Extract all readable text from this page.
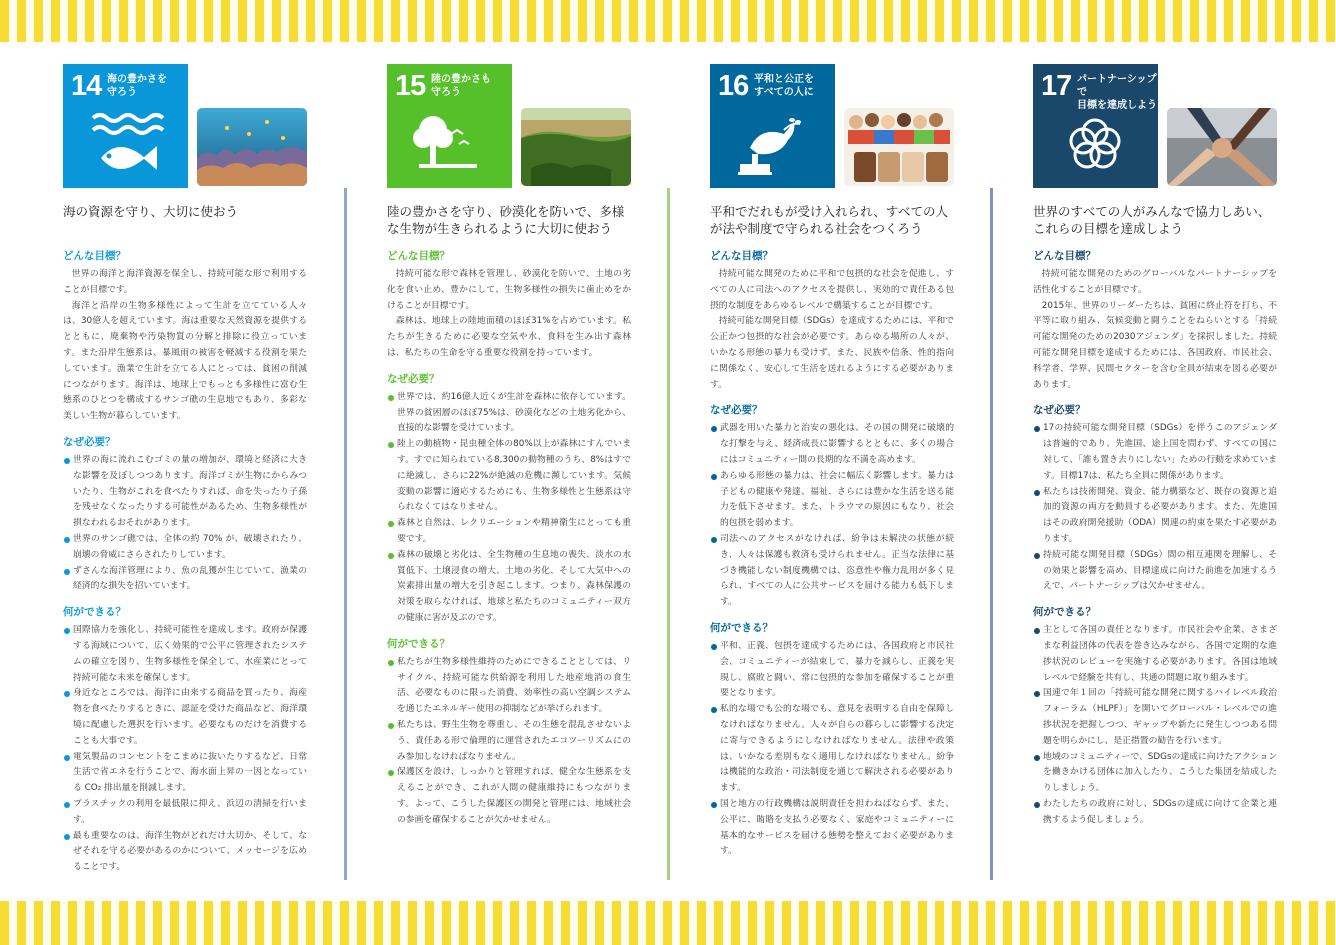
14 海の豊かさを
守ろう
海の資源を守り、大切に使おう
どんな目標？

世界の海洋と海洋資源を保全し、持続可能な形で利用することが目標です。

海洋と沿岸の生物多様性によって生計を立てている人々は、30億人を超えています。海は重要な天然資源を提供するとともに、廃棄物や汚染物質の分解と排除に役立っています。また沿岸生態系は、暴風雨の被害を軽減する役割を果たしています。漁業で生計を立てる人にとっては、貧困の削減につながります。海洋は、地球上でもっとも多様性に富む生態系のひとつを構成するサンゴ礁の生息地でもあり、多彩な美しい生物が暮らしています。

なぜ必要？
世界の海に流れこむゴミの量の増加が、環境と経済に大きな影響を及ぼしつつあります。海洋ゴミが生物にからみついたり、生物がこれを食べたりすれば、命を失ったり子孫を残せなくなったりする可能性があるため、生物多様性が損なわれるおそれがあります。
世界のサンゴ礁では、全体の約 70% が、破壊されたり、崩壊の脅威にさらされたりしています。
ずさんな海洋管理により、魚の乱獲が生じていて、漁業の経済的な損失を招いています。
何ができる？
国際協力を強化し、持続可能性を達成します。政府が保護する海域について、広く効果的で公平に管理されたシステムの確立を図り、生物多様性を保全して、水産業にとって持続可能な未来を確保します。
身近なところでは、海洋に由来する商品を買ったり、海産物を食べたりするときに、認証を受けた商品など、海洋環境に配慮した選択を行います。必要なものだけを消費することも大事です。
電気製品のコンセントをこまめに抜いたりするなど、日常生活で省エネを行うことで、海水面上昇の一因となっている CO₂ 排出量を削減します。
プラスチックの利用を最低限に抑え、浜辺の清掃を行います。
最も重要なのは、海洋生物がどれだけ大切か、そして、なぜそれを守る必要があるのかについて、メッセージを広めることです。
15 陸の豊かさも
守ろう
陸の豊かさを守り、砂漠化を防いで、多様な生物が生きられるように大切に使おう
どんな目標？

持続可能な形で森林を管理し、砂漠化を防いで、土地の劣化を食い止め、豊かにして、生物多様性の損失に歯止めをかけることが目標です。

森林は、地球上の陸地面積のほぼ31%を占めています。私たちが生きるために必要な空気や水、食料を生み出す森林は、私たちの生命を守る重要な役割を持っています。

なぜ必要？
世界では、約16億人近くが生計を森林に依存しています。世界の貧困層のほぼ75%は、砂漠化などの土地劣化から、直接的な影響を受けています。
陸上の動植物・昆虫種全体の80%以上が森林にすんでいます。すでに知られている8,300の動物種のうち、8%はすでに絶滅し、さらに22%が絶滅の危機に瀕しています。気候変動の影響に適応するためにも、生物多様性と生態系は守られなくてはなりません。
森林と自然は、レクリエーションや精神衛生にとっても重要です。
森林の破壊と劣化は、全生物種の生息地の喪失、淡水の水質低下、土壌浸食の増大、土地の劣化、そして大気中への炭素排出量の増大を引き起こします。つまり、森林保護の対策を取らなければ、地球と私たちのコミュニティー双方の健康に害が及ぶのです。
何ができる？
私たちが生物多様性維持のためにできることとしては、リサイクル、持続可能な供給源を利用した地産地消の食生活、必要なものに限った消費、効率性の高い空調システムを通じたエネルギー使用の抑制などが挙げられます。
私たちは、野生生物を尊重し、その生態を混乱させないよう、責任ある形で倫理的に運営されたエコツーリズムにのみ参加しなければなりません。
保護区を設け、しっかりと管理すれば、健全な生態系を支えることができ、これが人間の健康維持にもつながります。よって、こうした保護区の開発と管理には、地域社会の参画を確保することが欠かせません。
16 平和と公正を
すべての人に
平和でだれもが受け入れられ、すべての人が法や制度で守られる社会をつくろう
どんな目標？

持続可能な開発のために平和で包摂的な社会を促進し、すべての人に司法へのアクセスを提供し、実効的で責任ある包摂的な制度をあらゆるレベルで構築することが目標です。

持続可能な開発目標（SDGs）を達成するためには、平和で公正かつ包摂的な社会が必要です。あらゆる場所の人々が、いかなる形態の暴力も受けず、また、民族や信条、性的指向に関係なく、安心して生活を送れるようにする必要があります。

なぜ必要？
武器を用いた暴力と治安の悪化は、その国の開発に破壊的な打撃を与え、経済成長に影響するとともに、多くの場合にはコミュニティー間の長期的な不満を高めます。
あらゆる形態の暴力は、社会に幅広く影響します。暴力は子どもの健康や発達、福祉、さらには豊かな生活を送る能力を低下させます。また、トラウマの原因にもなり、社会的包摂を弱めます。
司法へのアクセスがなければ、紛争は未解決の状態が続き、人々は保護も救済も受けられません。正当な法律に基づき機能しない制度機構では、恣意性や権力乱用が多く見られ、すべての人に公共サービスを届ける能力も低下します。
何ができる？
平和、正義、包摂を達成するためには、各国政府と市民社会、コミュニティーが結束して、暴力を減らし、正義を実現し、腐敗と闘い、常に包摂的な参加を確保することが重要となります。
私的な場でも公的な場でも、意見を表明する自由を保障しなければなりません。人々が自らの暮らしに影響する決定に寄与できるようにしなければなりません。法律や政策は、いかなる差別もなく適用しなければなりません。紛争は機能的な政治・司法制度を通じて解決される必要があります。
国と地方の行政機構は説明責任を担わねばならず、また、公平に、賄賂を支払う必要なく、家庭やコミュニティーに基本的なサービスを届ける態勢を整えておく必要があります。
17 パートナーシップで
目標を達成しよう
世界のすべての人がみんなで協力しあい、これらの目標を達成しよう
どんな目標？

持続可能な開発のためのグローバルなパートナーシップを活性化することが目標です。

2015年、世界のリーダーたちは、貧困に終止符を打ち、不平等に取り組み、気候変動と闘うことをねらいとする「持続可能な開発のための2030アジェンダ」を採択しました。持続可能な開発目標を達成するためには、各国政府、市民社会、科学者、学界、民間セクターを含む全員が結束を図る必要があります。

なぜ必要？
17の持続可能な開発目標（SDGs）を伴うこのアジェンダは普遍的であり、先進国、途上国を問わず、すべての国に対して、「誰も置き去りにしない」ための行動を求めています。目標17は、私たち全員に関係があります。
私たちは技術開発、資金、能力構築など、既存の資源と追加的資源の両方を動員する必要があります。また、先進国はその政府開発援助（ODA）関連の約束を果たす必要があります。
持続可能な開発目標（SDGs）間の相互連関を理解し、その効果と影響を高め、目標達成に向けた前進を加速するうえで、パートナーシップは欠かせません。
何ができる？
主として各国の責任となります。市民社会や企業、さまざまな利益団体の代表を巻き込みながら、各国で定期的な進捗状況のレビューを実施する必要があります。各国は地域レベルで経験を共有し、共通の問題に取り組みます。
国連で年１回の「持続可能な開発に関するハイレベル政治フォーラム（HLPF）」を開いてグローバル・レベルでの進捗状況を把握しつつ、ギャップや新たに発生しつつある問題を明らかにし、是正措置の勧告を行います。
地域のコミュニティーで、SDGsの達成に向けたアクションを働きかける団体に加入したり、こうした集団を結成したりしましょう。
わたしたちの政府に対し、SDGsの達成に向けて企業と連携するよう促しましょう。
